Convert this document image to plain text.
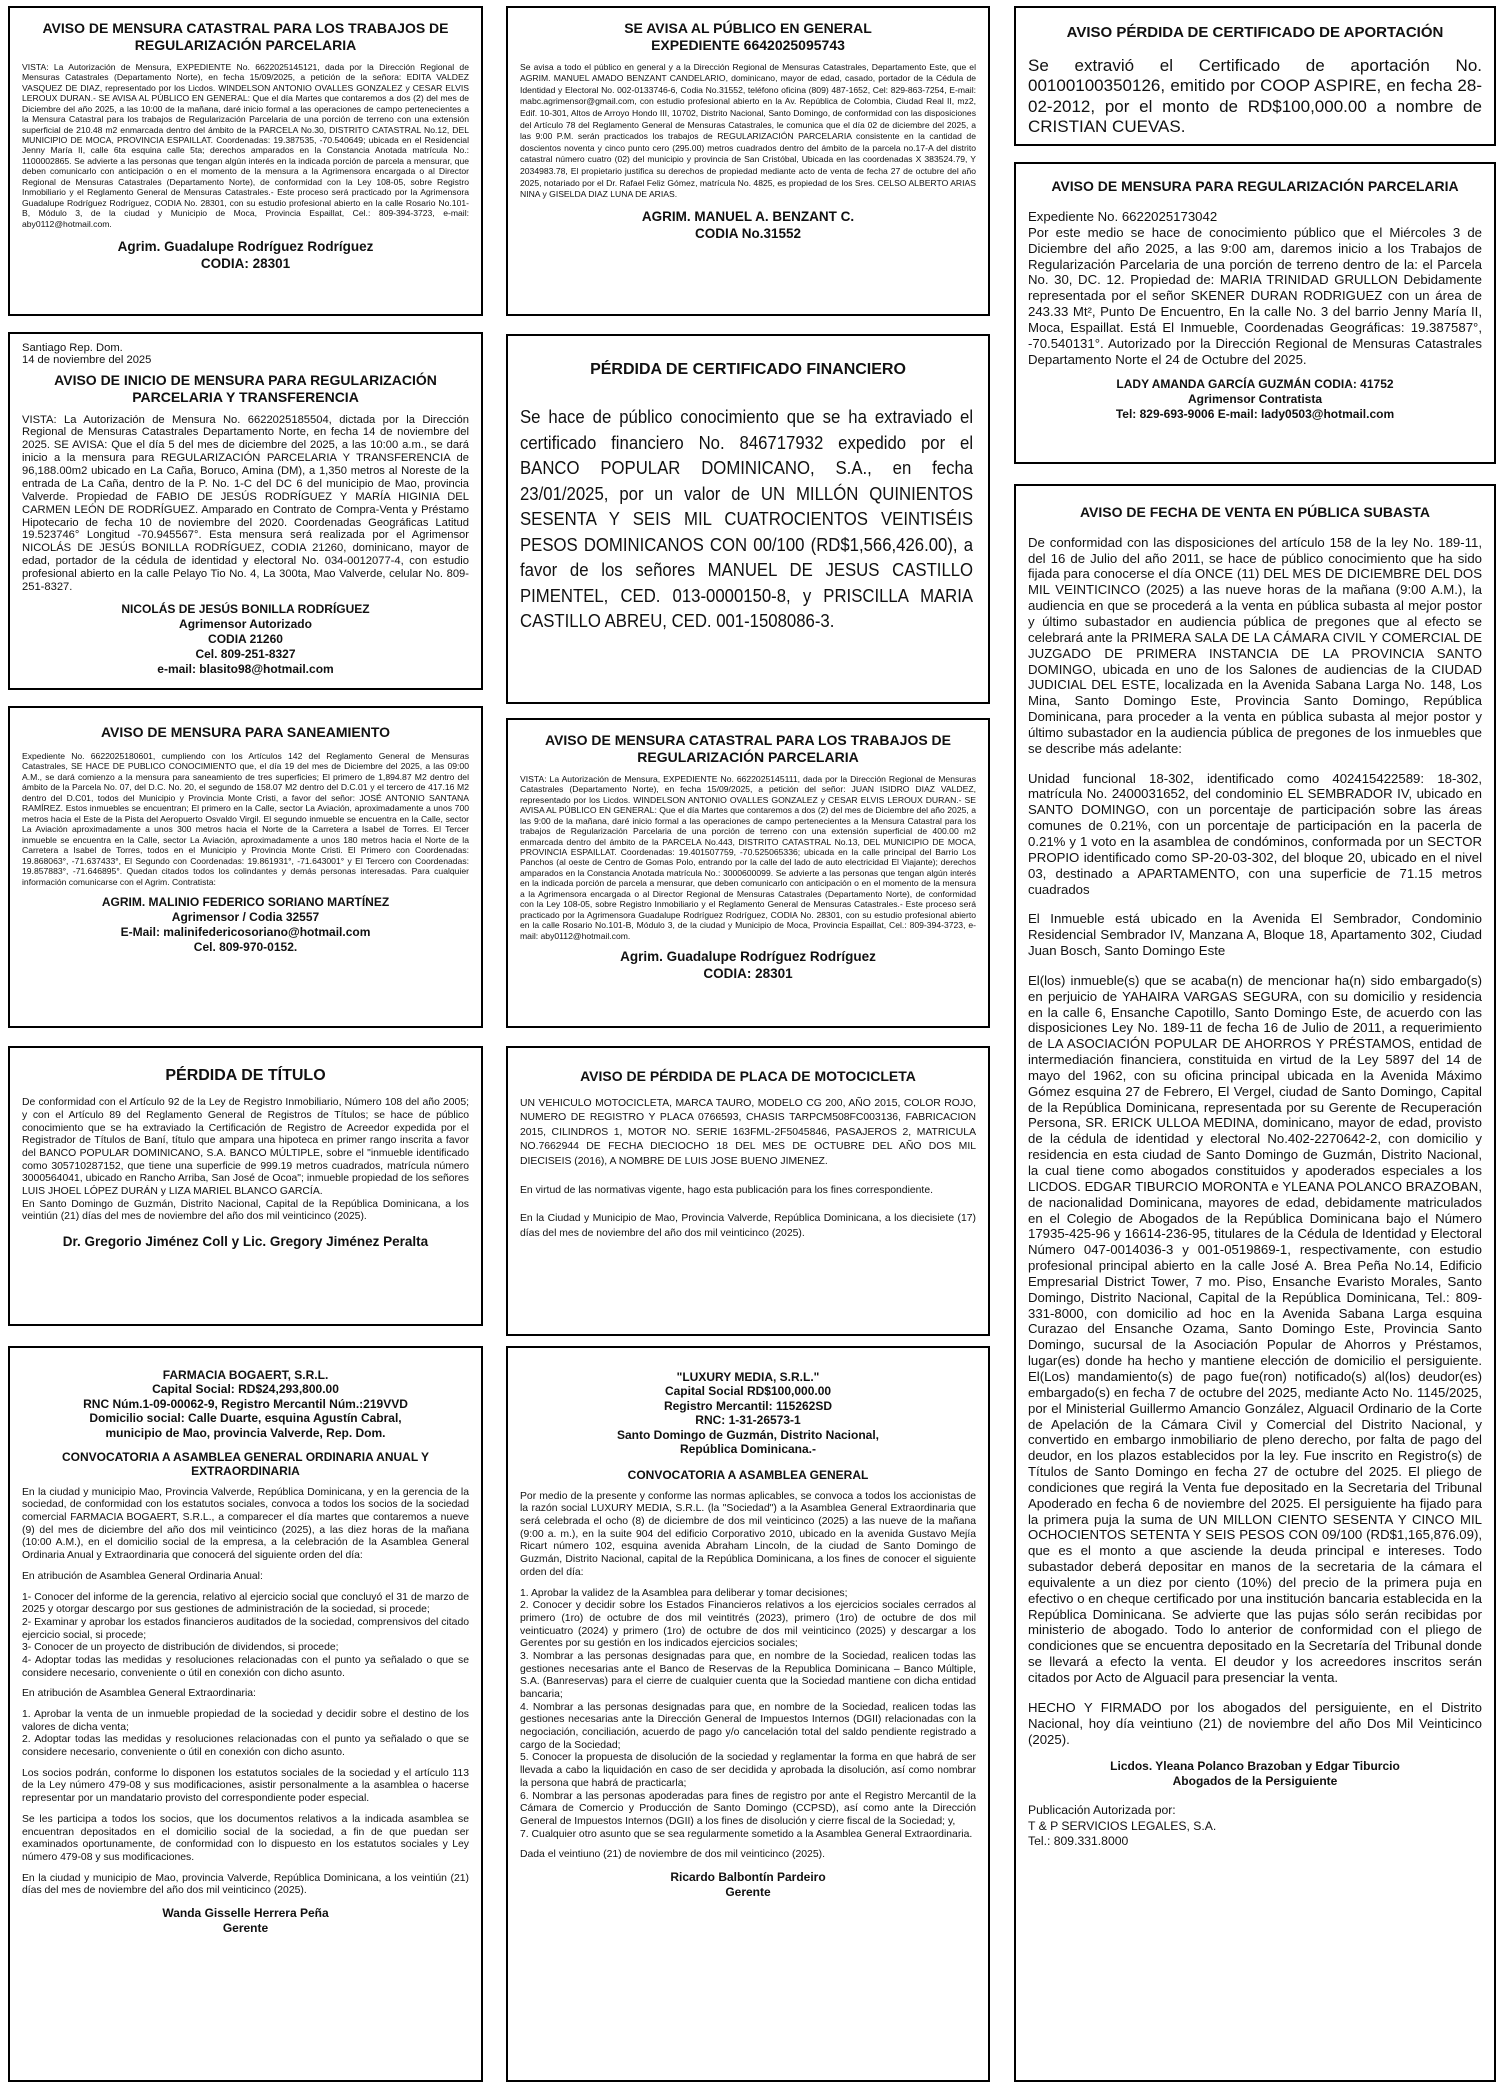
AVISO DE MENSURA CATASTRAL PARA LOS TRABAJOS DE REGULARIZACIÓN PARCELARIA
VISTA: La Autorización de Mensura, EXPEDIENTE No. 6622025145121, dada por la Dirección Regional de Mensuras Catastrales (Departamento Norte), en fecha 15/09/2025, a petición de la señora: EDITA VALDEZ VASQUEZ DE DIAZ, representado por los Licdos. WINDELSON ANTONIO OVALLES GONZALEZ y CESAR ELVIS LEROUX DURAN.- SE AVISA AL PÚBLICO EN GENERAL: Que el día Martes que contaremos a dos (2) del mes de Diciembre del año 2025, a las 10:00 de la mañana, daré inicio formal a las operaciones de campo pertenecientes a la Mensura Catastral para los trabajos de Regularización Parcelaria de una porción de terreno con una extensión superficial de 210.48 m2 enmarcada dentro del ámbito de la PARCELA No.30, DISTRITO CATASTRAL No.12, DEL MUNICIPIO DE MOCA, PROVINCIA ESPAILLAT. Coordenadas: 19.387535, -70.540649; ubicada en el Residencial Jenny María II, calle 6ta esquina calle 5ta; derechos amparados en la Constancia Anotada matrícula No.: 1100002865. Se advierte a las personas que tengan algún interés en la indicada porción de parcela a mensurar, que deben comunicarlo con anticipación o en el momento de la mensura a la Agrimensora encargada o al Director Regional de Mensuras Catastrales (Departamento Norte), de conformidad con la Ley 108-05, sobre Registro Inmobiliario y el Reglamento General de Mensuras Catastrales.- Este proceso será practicado por la Agrimensora Guadalupe Rodríguez Rodríguez, CODIA No. 28301, con su estudio profesional abierto en la calle Rosario No.101-B, Módulo 3, de la ciudad y Municipio de Moca, Provincia Espaillat, Cel.: 809-394-3723, e-mail: aby0112@hotmail.com.
Agrim. Guadalupe Rodríguez Rodríguez
CODIA: 28301
Santiago Rep. Dom.
14 de noviembre del 2025
AVISO DE INICIO DE MENSURA PARA REGULARIZACIÓN PARCELARIA Y TRANSFERENCIA
VISTA: La Autorización de Mensura No. 6622025185504, dictada por la Dirección Regional de Mensuras Catastrales Departamento Norte, en fecha 14 de noviembre del 2025. SE AVISA: Que el día 5 del mes de diciembre del 2025, a las 10:00 a.m., se dará inicio a la mensura para REGULARIZACIÓN PARCELARIA Y TRANSFERENCIA de 96,188.00m2 ubicado en La Caña, Boruco, Amina (DM), a 1,350 metros al Noreste de la entrada de La Caña, dentro de la P. No. 1-C del DC 6 del municipio de Mao, provincia Valverde. Propiedad de FABIO DE JESÚS RODRÍGUEZ Y MARÍA HIGINIA DEL CARMEN LEÓN DE RODRÍGUEZ. Amparado en Contrato de Compra-Venta y Préstamo Hipotecario de fecha 10 de noviembre del 2020. Coordenadas Geográficas Latitud 19.523746° Longitud -70.945567°. Esta mensura será realizada por el Agrimensor NICOLÁS DE JESÚS BONILLA RODRÍGUEZ, CODIA 21260, dominicano, mayor de edad, portador de la cédula de identidad y electoral No. 034-0012077-4, con estudio profesional abierto en la calle Pelayo Tio No. 4, La 300ta, Mao Valverde, celular No. 809-251-8327.
NICOLÁS DE JESÚS BONILLA RODRÍGUEZ
Agrimensor Autorizado
CODIA 21260
Cel. 809-251-8327
e-mail: blasito98@hotmail.com
AVISO DE MENSURA PARA SANEAMIENTO
Expediente No. 6622025180601, cumpliendo con los Artículos 142 del Reglamento General de Mensuras Catastrales, SE HACE DE PUBLICO CONOCIMIENTO que, el día 19 del mes de Diciembre del 2025, a las 09:00 A.M., se dará comienzo a la mensura para saneamiento de tres superficies; El primero de 1,894.87 M2 dentro del ámbito de la Parcela No. 07, del D.C. No. 20, el segundo de 158.07 M2 dentro del D.C.01 y el tercero de 417.16 M2 dentro del D.C01, todos del Municipio y Provincia Monte Cristi, a favor del señor: JOSÉ ANTONIO SANTANA RAMÍREZ. Estos inmuebles se encuentran; El primero en la Calle, sector La Aviación, aproximadamente a unos 700 metros hacia el Este de la Pista del Aeropuerto Osvaldo Virgil. El segundo inmueble se encuentra en la Calle, sector La Aviación aproximadamente a unos 300 metros hacia el Norte de la Carretera a Isabel de Torres. El Tercer inmueble se encuentra en la Calle, sector La Aviación, aproximadamente a unos 180 metros hacia el Norte de la Carretera a Isabel de Torres, todos en el Municipio y Provincia Monte Cristi. El Primero con Coordenadas: 19.868063°, -71.637433°, El Segundo con Coordenadas: 19.861931°, -71.643001° y El Tercero con Coordenadas: 19.857883°, -71.646895°. Quedan citados todos los colindantes y demás personas interesadas. Para cualquier información comunicarse con el Agrim. Contratista:
AGRIM. MALINIO FEDERICO SORIANO MARTÍNEZ
Agrimensor / Codia 32557
E-Mail: malinifedericosoriano@hotmail.com
Cel. 809-970-0152.
PÉRDIDA DE TÍTULO
De conformidad con el Artículo 92 de la Ley de Registro Inmobiliario, Número 108 del año 2005; y con el Artículo 89 del Reglamento General de Registros de Títulos; se hace de público conocimiento que se ha extraviado la Certificación de Registro de Acreedor expedida por el Registrador de Títulos de Baní, título que ampara una hipoteca en primer rango inscrita a favor del BANCO POPULAR DOMINICANO, S.A. BANCO MÚLTIPLE, sobre el "inmueble identificado como 305710287152, que tiene una superficie de 999.19 metros cuadrados, matrícula número 3000564041, ubicado en Rancho Arriba, San José de Ocoa"; inmueble propiedad de los señores LUIS JHOEL LÓPEZ DURÁN y LIZA MARIEL BLANCO GARCÍA.
En Santo Domingo de Guzmán, Distrito Nacional, Capital de la República Dominicana, a los veintiún (21) días del mes de noviembre del año dos mil veinticinco (2025).
Dr. Gregorio Jiménez Coll y Lic. Gregory Jiménez Peralta
FARMACIA BOGAERT, S.R.L.
Capital Social: RD$24,293,800.00
RNC Núm.1-09-00062-9, Registro Mercantil Núm.:219VVD
Domicilio social: Calle Duarte, esquina Agustín Cabral,
municipio de Mao, provincia Valverde, Rep. Dom.
CONVOCATORIA A ASAMBLEA GENERAL ORDINARIA ANUAL Y EXTRAORDINARIA
En la ciudad y municipio Mao, Provincia Valverde, República Dominicana, y en la gerencia de la sociedad, de conformidad con los estatutos sociales, convoca a todos los socios de la sociedad comercial FARMACIA BOGAERT, S.R.L., a comparecer el día martes que contaremos a nueve (9) del mes de diciembre del año dos mil veinticinco (2025), a las diez horas de la mañana (10:00 A.M.), en el domicilio social de la empresa, a la celebración de la Asamblea General Ordinaria Anual y Extraordinaria que conocerá del siguiente orden del día:
En atribución de Asamblea General Ordinaria Anual:
1- Conocer del informe de la gerencia, relativo al ejercicio social que concluyó el 31 de marzo de 2025 y otorgar descargo por sus gestiones de administración de la sociedad, si procede;
2- Examinar y aprobar los estados financieros auditados de la sociedad, comprensivos del citado ejercicio social, si procede;
3- Conocer de un proyecto de distribución de dividendos, si procede;
4- Adoptar todas las medidas y resoluciones relacionadas con el punto ya señalado o que se considere necesario, conveniente o útil en conexión con dicho asunto.
En atribución de Asamblea General Extraordinaria:
1. Aprobar la venta de un inmueble propiedad de la sociedad y decidir sobre el destino de los valores de dicha venta;
2. Adoptar todas las medidas y resoluciones relacionadas con el punto ya señalado o que se considere necesario, conveniente o útil en conexión con dicho asunto.
Los socios podrán, conforme lo disponen los estatutos sociales de la sociedad y el artículo 113 de la Ley número 479-08 y sus modificaciones, asistir personalmente a la asamblea o hacerse representar por un mandatario provisto del correspondiente poder especial.
Se les participa a todos los socios, que los documentos relativos a la indicada asamblea se encuentran depositados en el domicilio social de la sociedad, a fin de que puedan ser examinados oportunamente, de conformidad con lo dispuesto en los estatutos sociales y Ley número 479-08 y sus modificaciones.
En la ciudad y municipio de Mao, provincia Valverde, República Dominicana, a los veintiún (21) días del mes de noviembre del año dos mil veinticinco (2025).
Wanda Gisselle Herrera Peña
Gerente
SE AVISA AL PÚBLICO EN GENERAL
EXPEDIENTE 6642025095743
Se avisa a todo el público en general y a la Dirección Regional de Mensuras Catastrales, Departamento Este, que el AGRIM. MANUEL AMADO BENZANT CANDELARIO, dominicano, mayor de edad, casado, portador de la Cédula de Identidad y Electoral No. 002-0133746-6, Codia No.31552, teléfono oficina (809) 487-1652, Cel: 829-863-7254, E-mail: mabc.agrimensor@gmail.com, con estudio profesional abierto en la Av. República de Colombia, Ciudad Real II, mz2, Edif. 10-301, Altos de Arroyo Hondo III, 10702, Distrito Nacional, Santo Domingo, de conformidad con las disposiciones del Artículo 78 del Reglamento General de Mensuras Catastrales, le comunica que el día 02 de diciembre del 2025, a las 9:00 P.M. serán practicados los trabajos de REGULARIZACIÓN PARCELARIA consistente en la cantidad de doscientos noventa y cinco punto cero (295.00) metros cuadrados dentro del ámbito de la parcela no.17-A del distrito catastral número cuatro (02) del municipio y provincia de San Cristóbal, Ubicada en las coordenadas X 383524.79, Y 2034983.78, El propietario justifica su derechos de propiedad mediante acto de venta de fecha 27 de octubre del año 2025, notariado por el Dr. Rafael Feliz Gómez, matrícula No. 4825, es propiedad de los Sres. CELSO ALBERTO ARIAS NINA y GISELDA DIAZ LUNA DE ARIAS.
AGRIM. MANUEL A. BENZANT C.
CODIA No.31552
PÉRDIDA DE CERTIFICADO FINANCIERO
Se hace de público conocimiento que se ha extraviado el certificado financiero No. 846717932 expedido por el BANCO POPULAR DOMINICANO, S.A., en fecha 23/01/2025, por un valor de UN MILLÓN QUINIENTOS SESENTA Y SEIS MIL CUATROCIENTOS VEINTISÉIS PESOS DOMINICANOS CON 00/100 (RD$1,566,426.00), a favor de los señores MANUEL DE JESUS CASTILLO PIMENTEL, CED. 013-0000150-8, y PRISCILLA MARIA CASTILLO ABREU, CED. 001-1508086-3.
AVISO DE MENSURA CATASTRAL PARA LOS TRABAJOS DE REGULARIZACIÓN PARCELARIA
VISTA: La Autorización de Mensura, EXPEDIENTE No. 6622025145111, dada por la Dirección Regional de Mensuras Catastrales (Departamento Norte), en fecha 15/09/2025, a petición del señor: JUAN ISIDRO DIAZ VALDEZ, representado por los Licdos. WINDELSON ANTONIO OVALLES GONZALEZ y CESAR ELVIS LEROUX DURAN.- SE AVISA AL PÚBLICO EN GENERAL: Que el día Martes que contaremos a dos (2) del mes de Diciembre del año 2025, a las 9:00 de la mañana, daré inicio formal a las operaciones de campo pertenecientes a la Mensura Catastral para los trabajos de Regularización Parcelaria de una porción de terreno con una extensión superficial de 400.00 m2 enmarcada dentro del ámbito de la PARCELA No.443, DISTRITO CATASTRAL No.13, DEL MUNICIPIO DE MOCA, PROVINCIA ESPAILLAT. Coordenadas: 19.401507759, -70.525065336; ubicada en la calle principal del Barrio Los Panchos (al oeste de Centro de Gomas Polo, entrando por la calle del lado de auto electricidad El Viajante); derechos amparados en la Constancia Anotada matrícula No.: 3000600099. Se advierte a las personas que tengan algún interés en la indicada porción de parcela a mensurar, que deben comunicarlo con anticipación o en el momento de la mensura a la Agrimensora encargada o al Director Regional de Mensuras Catastrales (Departamento Norte), de conformidad con la Ley 108-05, sobre Registro Inmobiliario y el Reglamento General de Mensuras Catastrales.- Este proceso será practicado por la Agrimensora Guadalupe Rodríguez Rodríguez, CODIA No. 28301, con su estudio profesional abierto en la calle Rosario No.101-B, Módulo 3, de la ciudad y Municipio de Moca, Provincia Espaillat, Cel.: 809-394-3723, e-mail: aby0112@hotmail.com.
Agrim. Guadalupe Rodríguez Rodríguez
CODIA: 28301
AVISO DE PÉRDIDA DE PLACA DE MOTOCICLETA
UN VEHICULO MOTOCICLETA, MARCA TAURO, MODELO CG 200, AÑO 2015, COLOR ROJO, NUMERO DE REGISTRO Y PLACA 0766593, CHASIS TARPCM508FC003136, FABRICACION 2015, CILINDROS 1, MOTOR NO. SERIE 163FML-2F5045846, PASAJEROS 2, MATRICULA NO.7662944 DE FECHA DIECIOCHO 18 DEL MES DE OCTUBRE DEL AÑO DOS MIL DIECISEIS (2016), A NOMBRE DE LUIS JOSE BUENO JIMENEZ.
En virtud de las normativas vigente, hago esta publicación para los fines correspondiente.
En la Ciudad y Municipio de Mao, Provincia Valverde, República Dominicana, a los diecisiete (17) días del mes de noviembre del año dos mil veinticinco (2025).
"LUXURY MEDIA, S.R.L."
Capital Social RD$100,000.00
Registro Mercantil: 115262SD
RNC: 1-31-26573-1
Santo Domingo de Guzmán, Distrito Nacional,
República Dominicana.-
CONVOCATORIA A ASAMBLEA GENERAL
Por medio de la presente y conforme las normas aplicables, se convoca a todos los accionistas de la razón social LUXURY MEDIA, S.R.L. (la "Sociedad") a la Asamblea General Extraordinaria que será celebrada el ocho (8) de diciembre de dos mil veinticinco (2025) a las nueve de la mañana (9:00 a. m.), en la suite 904 del edificio Corporativo 2010, ubicado en la avenida Gustavo Mejía Ricart número 102, esquina avenida Abraham Lincoln, de la ciudad de Santo Domingo de Guzmán, Distrito Nacional, capital de la República Dominicana, a los fines de conocer el siguiente orden del día:
1. Aprobar la validez de la Asamblea para deliberar y tomar decisiones;
2. Conocer y decidir sobre los Estados Financieros relativos a los ejercicios sociales cerrados al primero (1ro) de octubre de dos mil veintitrés (2023), primero (1ro) de octubre de dos mil veinticuatro (2024) y primero (1ro) de octubre de dos mil veinticinco (2025) y descargar a los Gerentes por su gestión en los indicados ejercicios sociales;
3. Nombrar a las personas designadas para que, en nombre de la Sociedad, realicen todas las gestiones necesarias ante el Banco de Reservas de la Republica Dominicana – Banco Múltiple, S.A. (Banreservas) para el cierre de cualquier cuenta que la Sociedad mantiene con dicha entidad bancaria;
4. Nombrar a las personas designadas para que, en nombre de la Sociedad, realicen todas las gestiones necesarias ante la Dirección General de Impuestos Internos (DGII) relacionadas con la negociación, conciliación, acuerdo de pago y/o cancelación total del saldo pendiente registrado a cargo de la Sociedad;
5. Conocer la propuesta de disolución de la sociedad y reglamentar la forma en que habrá de ser llevada a cabo la liquidación en caso de ser decidida y aprobada la disolución, así como nombrar la persona que habrá de practicarla;
6. Nombrar a las personas apoderadas para fines de registro por ante el Registro Mercantil de la Cámara de Comercio y Producción de Santo Domingo (CCPSD), así como ante la Dirección General de Impuestos Internos (DGII) a los fines de disolución y cierre fiscal de la Sociedad; y,
7. Cualquier otro asunto que se sea regularmente sometido a la Asamblea General Extraordinaria.
Dada el veintiuno (21) de noviembre de dos mil veinticinco (2025).
Ricardo Balbontín Pardeiro
Gerente
AVISO PÉRDIDA DE CERTIFICADO DE APORTACIÓN
Se extravió el Certificado de aportación No. 00100100350126, emitido por COOP ASPIRE, en fecha 28-02-2012, por el monto de RD$100,000.00 a nombre de CRISTIAN CUEVAS.
AVISO DE MENSURA PARA REGULARIZACIÓN PARCELARIA
Expediente No. 6622025173042
Por este medio se hace de conocimiento público que el Miércoles 3 de Diciembre del año 2025, a las 9:00 am, daremos inicio a los Trabajos de Regularización Parcelaria de una porción de terreno dentro de la: el Parcela No. 30, DC. 12. Propiedad de: MARIA TRINIDAD GRULLON Debidamente representada por el señor SKENER DURAN RODRIGUEZ con un área de 243.33 Mt², Punto De Encuentro, En la calle No. 3 del barrio Jenny María II, Moca, Espaillat. Está El Inmueble, Coordenadas Geográficas: 19.387587°, -70.540131°. Autorizado por la Dirección Regional de Mensuras Catastrales Departamento Norte el 24 de Octubre del 2025.
LADY AMANDA GARCÍA GUZMÁN CODIA: 41752
Agrimensor Contratista
Tel: 829-693-9006 E-mail: lady0503@hotmail.com
AVISO DE FECHA DE VENTA EN PÚBLICA SUBASTA
De conformidad con las disposiciones del artículo 158 de la ley No. 189-11, del 16 de Julio del año 2011, se hace de público conocimiento que ha sido fijada para conocerse el día ONCE (11) DEL MES DE DICIEMBRE DEL DOS MIL VEINTICINCO (2025) a las nueve horas de la mañana (9:00 A.M.), la audiencia en que se procederá a la venta en pública subasta al mejor postor y último subastador en audiencia pública de pregones que al efecto se celebrará ante la PRIMERA SALA DE LA CÁMARA CIVIL Y COMERCIAL DE JUZGADO DE PRIMERA INSTANCIA DE LA PROVINCIA SANTO DOMINGO, ubicada en uno de los Salones de audiencias de la CIUDAD JUDICIAL DEL ESTE, localizada en la Avenida Sabana Larga No. 148, Los Mina, Santo Domingo Este, Provincia Santo Domingo, República Dominicana, para proceder a la venta en pública subasta al mejor postor y último subastador en la audiencia pública de pregones de los inmuebles que se describe más adelante:
Unidad funcional 18-302, identificado como 402415422589: 18-302, matrícula No. 2400031652, del condominio EL SEMBRADOR IV, ubicado en SANTO DOMINGO, con un porcentaje de participación sobre las áreas comunes de 0.21%, con un porcentaje de participación en la pacerla de 0.21% y 1 voto en la asamblea de condóminos, conformada por un SECTOR PROPIO identificado como SP-20-03-302, del bloque 20, ubicado en el nivel 03, destinado a APARTAMENTO, con una superficie de 71.15 metros cuadrados
El Inmueble está ubicado en la Avenida El Sembrador, Condominio Residencial Sembrador IV, Manzana A, Bloque 18, Apartamento 302, Ciudad Juan Bosch, Santo Domingo Este
El(los) inmueble(s) que se acaba(n) de mencionar ha(n) sido embargado(s) en perjuicio de YAHAIRA VARGAS SEGURA, con su domicilio y residencia en la calle 6, Ensanche Capotillo, Santo Domingo Este, de acuerdo con las disposiciones Ley No. 189-11 de fecha 16 de Julio de 2011, a requerimiento de LA ASOCIACIÓN POPULAR DE AHORROS Y PRÉSTAMOS, entidad de intermediación financiera, constituida en virtud de la Ley 5897 del 14 de mayo del 1962, con su oficina principal ubicada en la Avenida Máximo Gómez esquina 27 de Febrero, El Vergel, ciudad de Santo Domingo, Capital de la República Dominicana, representada por su Gerente de Recuperación Persona, SR. ERICK ULLOA MEDINA, dominicano, mayor de edad, provisto de la cédula de identidad y electoral No.402-2270642-2, con domicilio y residencia en esta ciudad de Santo Domingo de Guzmán, Distrito Nacional, la cual tiene como abogados constituidos y apoderados especiales a los LICDOS. EDGAR TIBURCIO MORONTA e YLEANA POLANCO BRAZOBAN, de nacionalidad Dominicana, mayores de edad, debidamente matriculados en el Colegio de Abogados de la República Dominicana bajo el Número 17935-425-96 y 16614-236-95, titulares de la Cédula de Identidad y Electoral Número 047-0014036-3 y 001-0519869-1, respectivamente, con estudio profesional principal abierto en la calle José A. Brea Peña No.14, Edificio Empresarial District Tower, 7 mo. Piso, Ensanche Evaristo Morales, Santo Domingo, Distrito Nacional, Capital de la República Dominicana, Tel.: 809-331-8000, con domicilio ad hoc en la Avenida Sabana Larga esquina Curazao del Ensanche Ozama, Santo Domingo Este, Provincia Santo Domingo, sucursal de la Asociación Popular de Ahorros y Préstamos, lugar(es) donde ha hecho y mantiene elección de domicilio el persiguiente. El(Los) mandamiento(s) de pago fue(ron) notificado(s) al(los) deudor(es) embargado(s) en fecha 7 de octubre del 2025, mediante Acto No. 1145/2025, por el Ministerial Guillermo Amancio González, Alguacil Ordinario de la Corte de Apelación de la Cámara Civil y Comercial del Distrito Nacional, y convertido en embargo inmobiliario de pleno derecho, por falta de pago del deudor, en los plazos establecidos por la ley. Fue inscrito en Registro(s) de Títulos de Santo Domingo en fecha 27 de octubre del 2025. El pliego de condiciones que regirá la Venta fue depositado en la Secretaria del Tribunal Apoderado en fecha 6 de noviembre del 2025. El persiguiente ha fijado para la primera puja la suma de UN MILLON CIENTO SESENTA Y CINCO MIL OCHOCIENTOS SETENTA Y SEIS PESOS CON 09/100 (RD$1,165,876.09), que es el monto a que asciende la deuda principal e intereses. Todo subastador deberá depositar en manos de la secretaria de la cámara el equivalente a un diez por ciento (10%) del precio de la primera puja en efectivo o en cheque certificado por una institución bancaria establecida en la República Dominicana. Se advierte que las pujas sólo serán recibidas por ministerio de abogado. Todo lo anterior de conformidad con el pliego de condiciones que se encuentra depositado en la Secretaría del Tribunal donde se llevará a efecto la venta. El deudor y los acreedores inscritos serán citados por Acto de Alguacil para presenciar la venta.
HECHO Y FIRMADO por los abogados del persiguiente, en el Distrito Nacional, hoy día veintiuno (21) de noviembre del año Dos Mil Veinticinco (2025).
Licdos. Yleana Polanco Brazoban y Edgar Tiburcio
Abogados de la Persiguiente
Publicación Autorizada por:
T & P SERVICIOS LEGALES, S.A.
Tel.: 809.331.8000
